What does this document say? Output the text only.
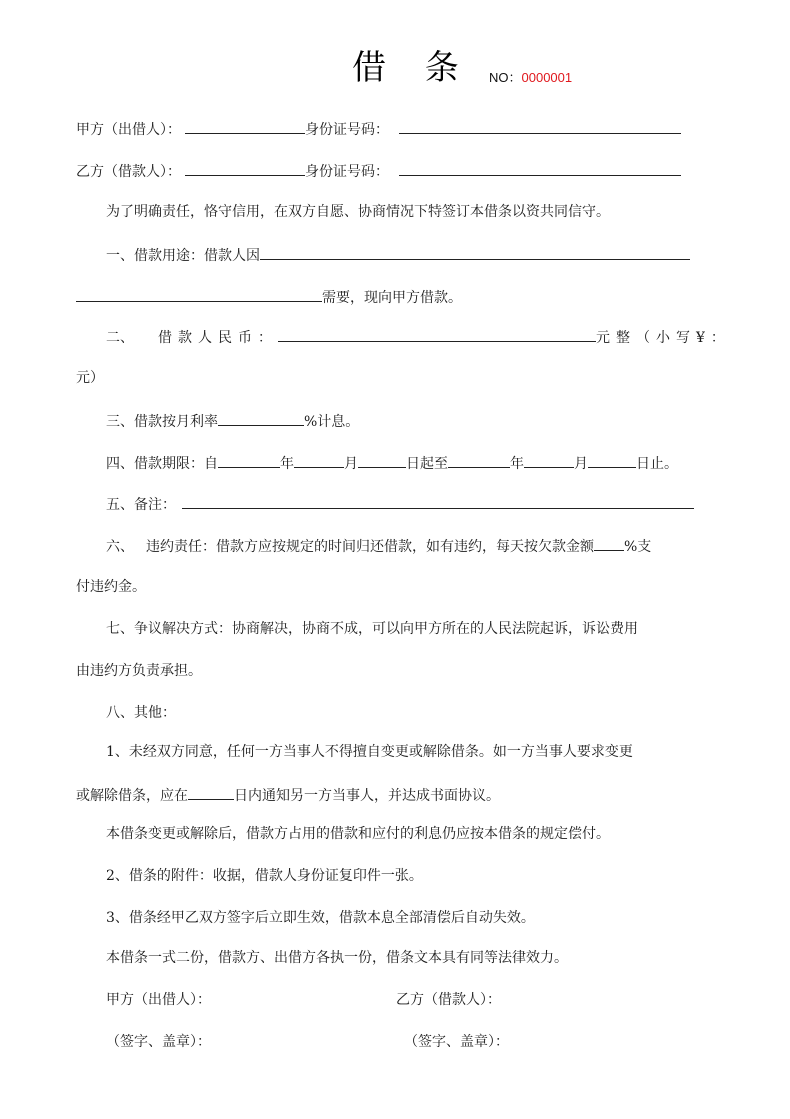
借 条 NO：0000001
甲方（出借人）：	身份证号码：
乙方（借款人）：	身份证号码：
为了明确责任，恪守信用，在双方自愿、协商情况下特签订本借条以资共同信守。
一、借款用途：借款人因
需要，现向甲方借款。
二、 借款人民币：	元整（小写¥：
元）
三、借款按月利率	%计息。
四、借款期限：自	年	月	日起至	年	月	日止。
五、备注：
六、 违约责任：借款方应按规定的时间归还借款，如有违约，每天按欠款金额 %支
付违约金。
七、争议解决方式：协商解决，协商不成，可以向甲方所在的人民法院起诉，诉讼费用
由违约方负责承担。
八、其他：
1、未经双方同意，任何一方当事人不得擅自变更或解除借条。如一方当事人要求变更
或解除借条，应在	日内通知另一方当事人，并达成书面协议。
本借条变更或解除后，借款方占用的借款和应付的利息仍应按本借条的规定偿付。
2、借条的附件：收据，借款人身份证复印件一张。
3、借条经甲乙双方签字后立即生效，借款本息全部清偿后自动失效。
本借条一式二份，借款方、出借方各执一份，借条文本具有同等法律效力。
甲方（出借人）：	乙方（借款人）：
（签字、盖章）：	（签字、盖章）：
